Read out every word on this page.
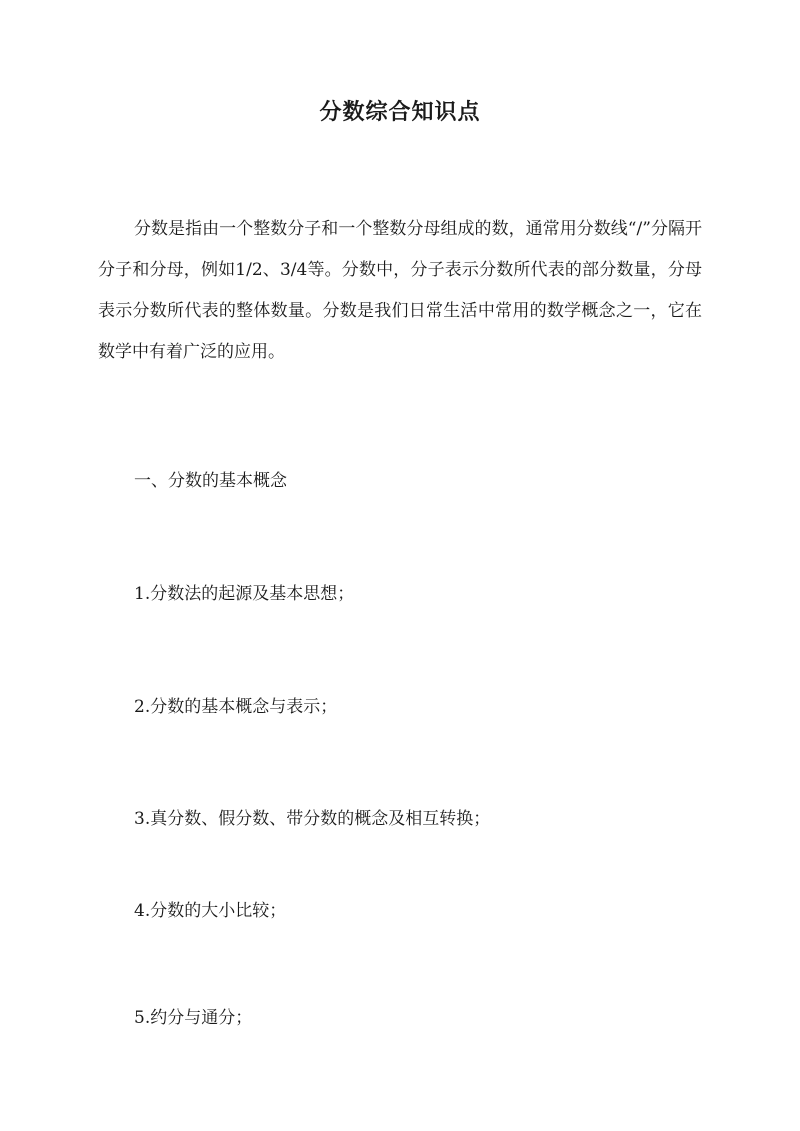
分数综合知识点

分数是指由一个整数分子和一个整数分母组成的数，通常用分数线“/”分隔开分子和分母，例如1/2、3/4等。分数中，分子表示分数所代表的部分数量，分母表示分数所代表的整体数量。分数是我们日常生活中常用的数学概念之一，它在数学中有着广泛的应用。

一、分数的基本概念
1.分数法的起源及基本思想；
2.分数的基本概念与表示；
3.真分数、假分数、带分数的概念及相互转换；
4.分数的大小比较；
5.约分与通分；
